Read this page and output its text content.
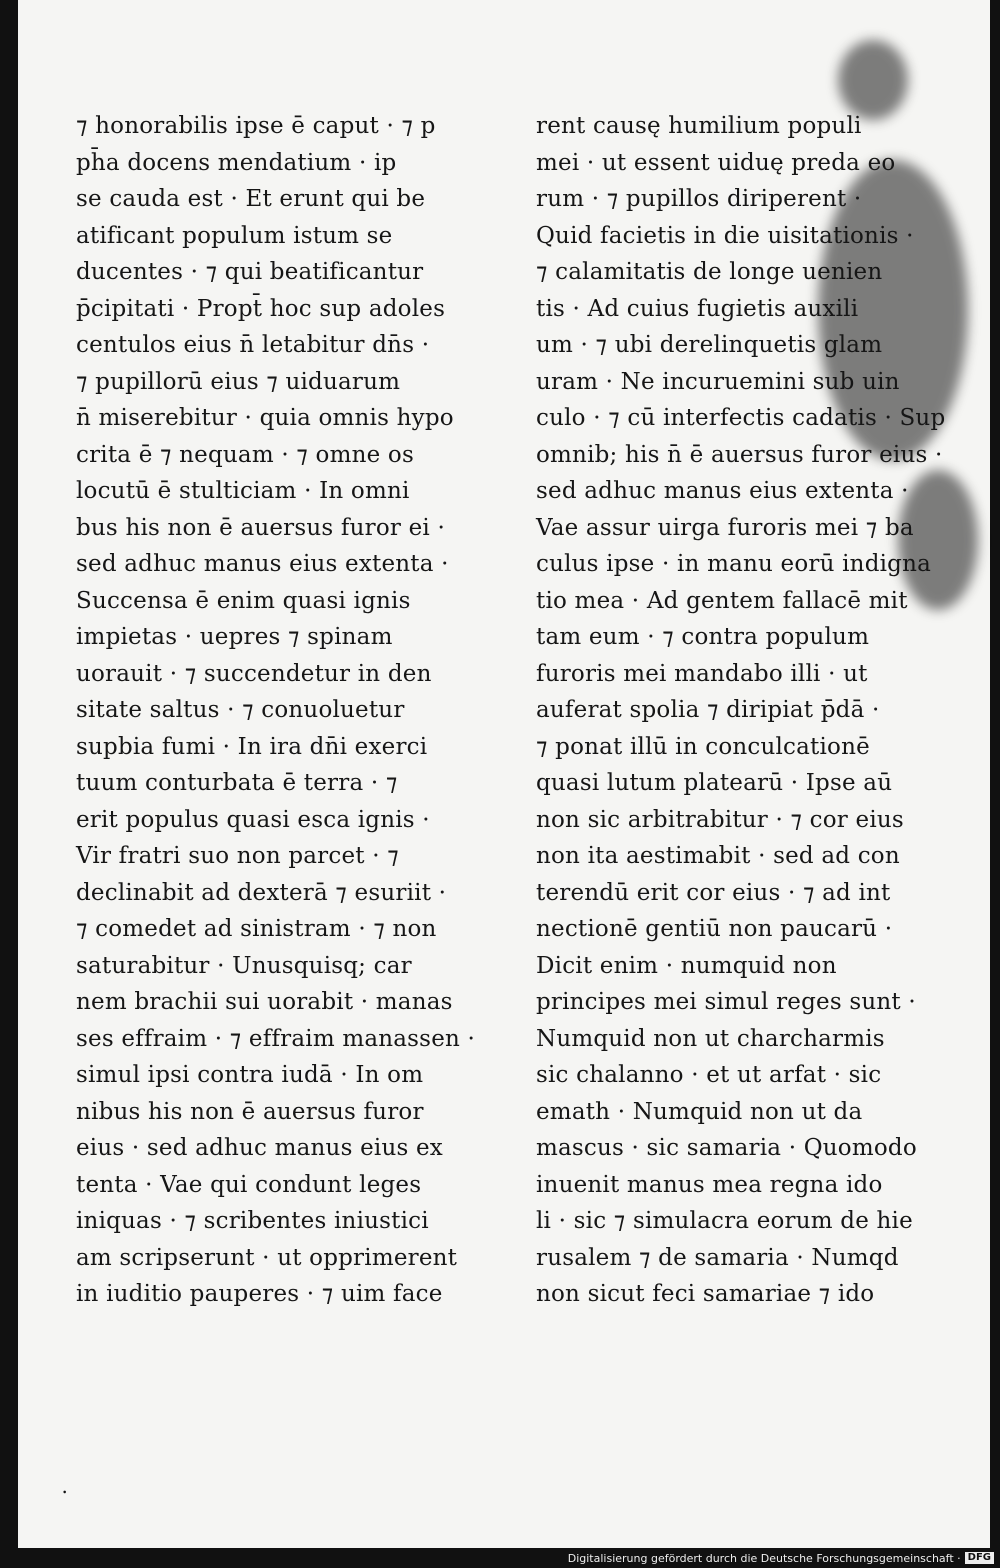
⁊ honorabilis ipse ē caput · ⁊ p
ph̄a docens mendatium · ip
se cauda est · Et erunt qui be
atificant populum istum se
ducentes · ⁊ qui beatificantur
p̄cipitati · Propt̄ hoc sup adoles
centulos eius n̄ letabitur dn̄s ·
⁊ pupillorū eius ⁊ uiduarum
n̄ miserebitur · quia omnis hypo
crita ē ⁊ nequam · ⁊ omne os
locutū ē stulticiam · In omni
bus his non ē auersus furor ei ·
sed adhuc manus eius extenta ·
Succensa ē enim quasi ignis
impietas · uepres ⁊ spinam
uorauit · ⁊ succendetur in den
sitate saltus · ⁊ conuoluetur
supbia fumi · In ira dn̄i exerci
tuum conturbata ē terra · ⁊
erit populus quasi esca ignis ·
Vir fratri suo non parcet · ⁊
declinabit ad dexterā ⁊ esuriit ·
⁊ comedet ad sinistram · ⁊ non
saturabitur · Unusquisq; car
nem brachii sui uorabit · manas
ses effraim · ⁊ effraim manassen ·
simul ipsi contra iudā · In om
nibus his non ē auersus furor
eius · sed adhuc manus eius ex
tenta · Vae qui condunt leges
iniquas · ⁊ scribentes iniustici
am scripserunt · ut opprimerent
in iuditio pauperes · ⁊ uim face
rent causę humilium populi
mei · ut essent uiduę preda eo
rum · ⁊ pupillos diriperent ·
Quid facietis in die uisitationis ·
⁊ calamitatis de longe uenien
tis · Ad cuius fugietis auxili
um · ⁊ ubi derelinquetis glam
uram · Ne incuruemini sub uin
culo · ⁊ cū interfectis cadatis · Sup
omnib; his n̄ ē auersus furor eius ·
sed adhuc manus eius extenta ·
Vae assur uirga furoris mei ⁊ ba
culus ipse · in manu eorū indigna
tio mea · Ad gentem fallacē mit
tam eum · ⁊ contra populum
furoris mei mandabo illi · ut
auferat spolia ⁊ diripiat p̄dā ·
⁊ ponat illū in conculcationē
quasi lutum platearū · Ipse aū
non sic arbitrabitur · ⁊ cor eius
non ita aestimabit · sed ad con
terendū erit cor eius · ⁊ ad int
nectionē gentiū non paucarū ·
Dicit enim · numquid non
principes mei simul reges sunt ·
Numquid non ut charcharmis
sic chalanno · et ut arfat · sic
emath · Numquid non ut da
mascus · sic samaria · Quomodo
inuenit manus mea regna ido
li · sic ⁊ simulacra eorum de hie
rusalem ⁊ de samaria · Numqd
non sicut feci samariae ⁊ ido
⸱
Digitalisierung gefördert durch die Deutsche Forschungsgemeinschaft · DFG
